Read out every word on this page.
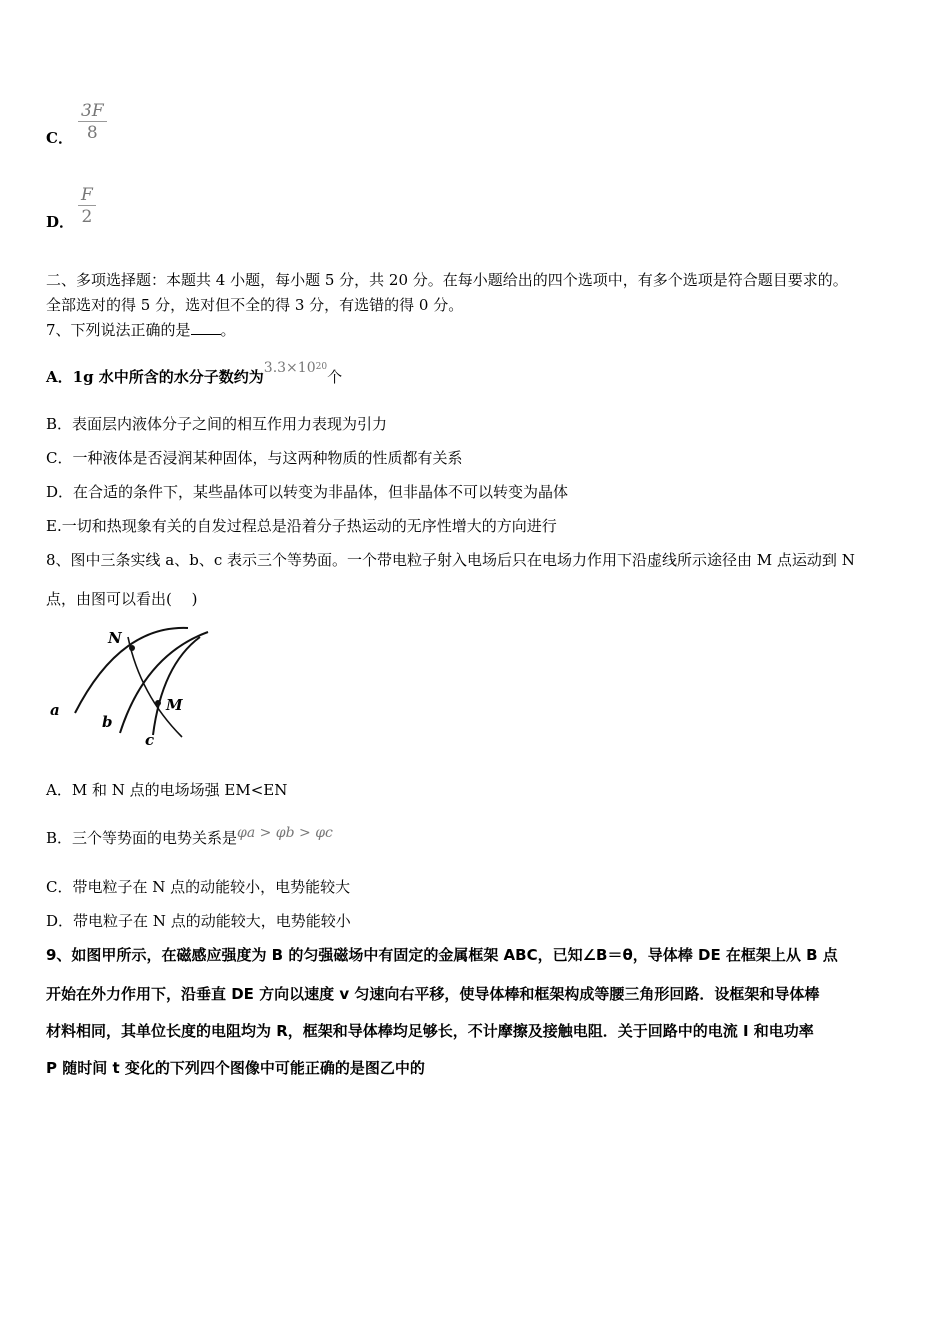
C． $\frac{3F}{8}$
D． $\frac{F}{2}$
二、多项选择题：本题共 4 小题，每小题 5 分，共 20 分。在每小题给出的四个选项中，有多个选项是符合题目要求的。
全部选对的得 5 分，选对但不全的得 3 分，有选错的得 0 分。
7、下列说法正确的是 。
A．1g 水中所含的水分子数约为$3.3\times 10^{20}$个
B．表面层内液体分子之间的相互作用力表现为引力
C．一种液体是否浸润某种固体，与这两种物质的性质都有关系
D．在合适的条件下，某些晶体可以转变为非晶体，但非晶体不可以转变为晶体
E.一切和热现象有关的自发过程总是沿着分子热运动的无序性增大的方向进行
8、图中三条实线 a、b、c 表示三个等势面。一个带电粒子射入电场后只在电场力作用下沿虚线所示途径由 M 点运动到 N
点，由图可以看出(　 )
N
M
a
b
c
A．M 和 N 点的电场场强 EM<EN
B．三个等势面的电势关系是φa > φb > φc
C．带电粒子在 N 点的动能较小，电势能较大
D．带电粒子在 N 点的动能较大，电势能较小
9、如图甲所示，在磁感应强度为 B 的匀强磁场中有固定的金属框架 ABC，已知∠B＝θ，导体棒 DE 在框架上从 B 点
开始在外力作用下，沿垂直 DE 方向以速度 v 匀速向右平移，使导体棒和框架构成等腰三角形回路．设框架和导体棒
材料相同，其单位长度的电阻均为 R，框架和导体棒均足够长，不计摩擦及接触电阻．关于回路中的电流 I 和电功率
P 随时间 t 变化的下列四个图像中可能正确的是图乙中的
